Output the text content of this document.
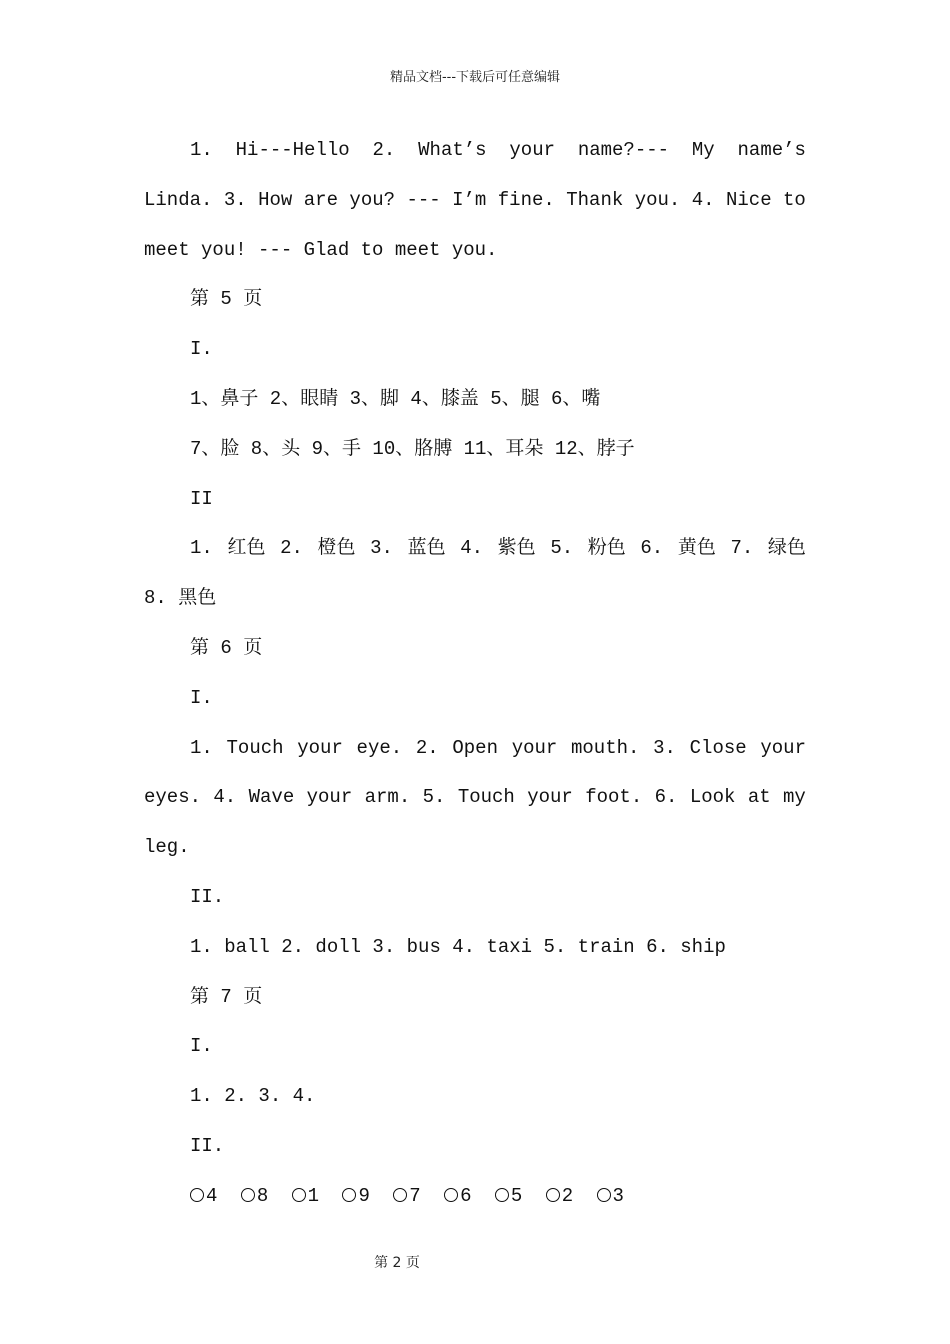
精品文档---下载后可任意编辑
1. Hi---Hello 2. What’s your name?--- My name’s
Linda. 3. How are you? --- I’m fine. Thank you. 4. Nice to
meet you! --- Glad to meet you.
第 5 页
I.
1、鼻子 2、眼睛 3、脚 4、膝盖 5、腿 6、嘴
7、脸 8、头 9、手 10、胳膊 11、耳朵 12、脖子
II
1. 红色 2. 橙色 3. 蓝色 4. 紫色 5. 粉色 6. 黄色 7. 绿色
8. 黑色
第 6 页
I.
1. Touch your eye. 2. Open your mouth. 3. Close your
eyes. 4. Wave your arm. 5. Touch your foot. 6. Look at my
leg.
II.
1. ball 2. doll 3. bus 4. taxi 5. train 6. ship
第 7 页
I.
1. 2. 3. 4.
II.
4 8 1 9 7 6 5 2 3
第 2 页
